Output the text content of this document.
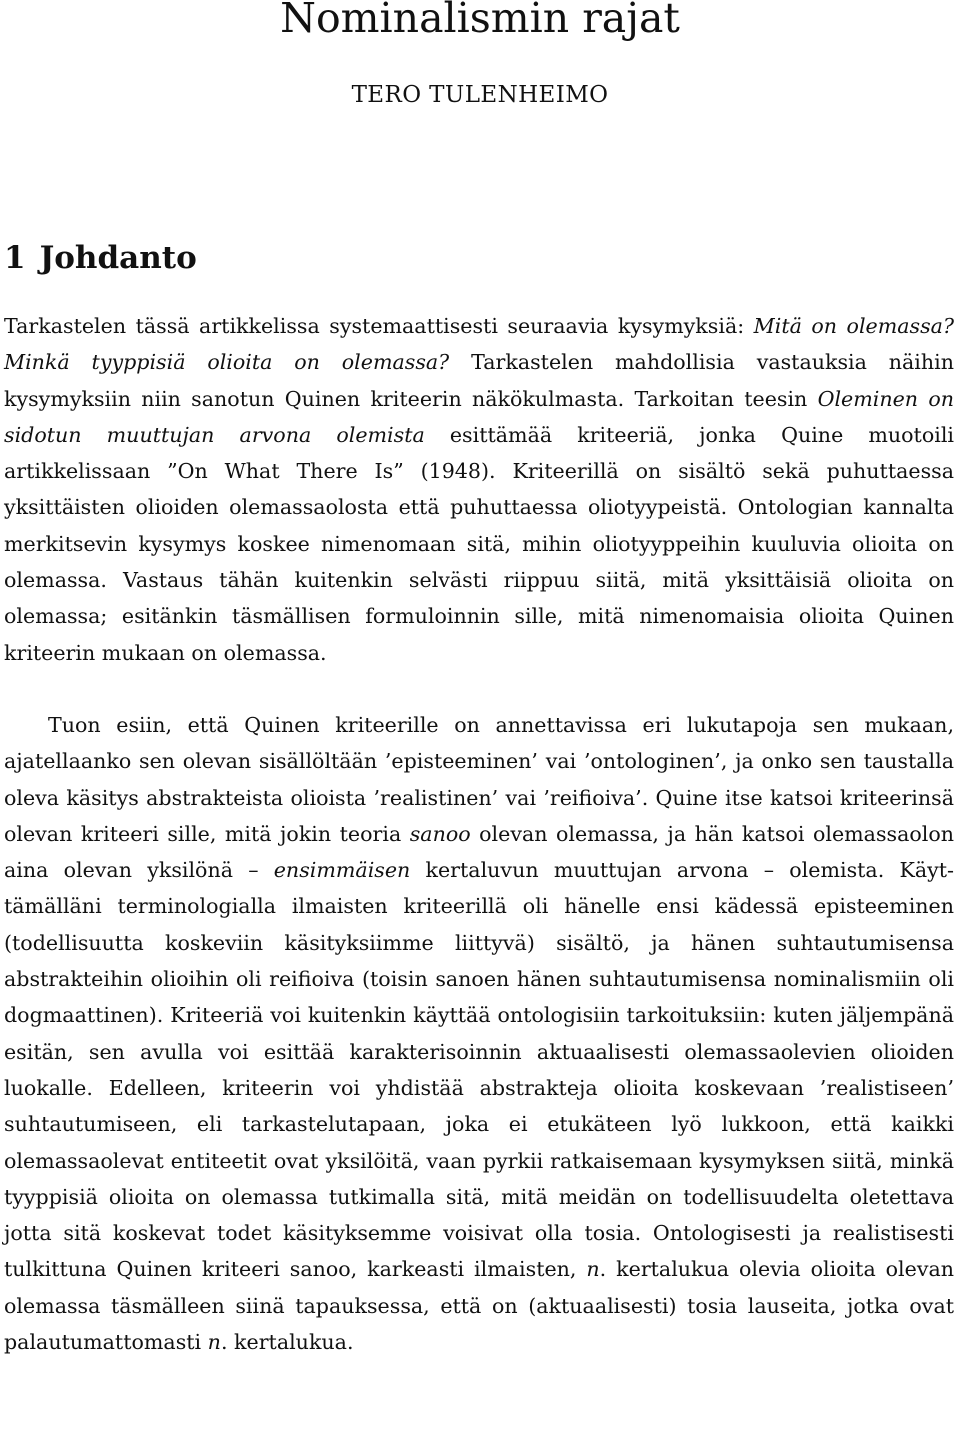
Nominalismin rajat
TERO TULENHEIMO
1 Johdanto

Tarkastelen tässä artikkelissa systemaattisesti seuraavia kysymyksiä: Mitä on olemassa? Minkä tyyppisiä olioita on olemassa? Tarkastelen mahdollisia vastauksia näihin kysymyksiin niin sanotun Quinen kriteerin näkökulmasta. Tarkoitan teesin Oleminen on sidotun muuttujan arvona olemista esittämää kriteeriä, jonka Quine muotoili artikkelissaan ”On What There Is” (1948). Kriteerillä on sisältö sekä puhuttaessa yksittäisten olioiden olemassaolosta että puhuttaessa oliotyypeistä. Ontologian kannalta merkitsevin kysymys koskee nimenomaan sitä, mihin oliotyyppeihin kuuluvia olioita on olemassa. Vastaus tähän kuitenkin selvästi riippuu siitä, mitä yksittäisiä olioita on olemassa; esitänkin täsmällisen formuloinnin sille, mitä nimenomaisia olioita Quinen kriteerin mukaan on olemassa.

Tuon esiin, että Quinen kriteerille on annettavissa eri lukutapoja sen mukaan, ajatellaanko sen olevan sisällöltään ’episteeminen’ vai ’ontologinen’, ja onko sen taustalla oleva käsitys abstrakteista olioista ’realistinen’ vai ’reifioiva’. Quine itse katsoi kriteerinsä olevan kriteeri sille, mitä jokin teoria sanoo olevan olemassa, ja hän katsoi olemassaolon aina olevan yksilönä – ensimmäisen kertaluvun muuttujan arvona – olemista. Käyttämälläni terminologialla ilmaisten kriteerillä oli hänelle ensi kädessä episteeminen (todellisuutta koskeviin käsityksiimme liittyvä) sisältö, ja hänen suhtautumisensa abstrakteihin olioihin oli reifioiva (toisin sanoen hänen suhtautumisensa nominalismiin oli dogmaattinen). Kriteeriä voi kuitenkin käyttää ontologisiin tarkoituksiin: kuten jäljempänä esitän, sen avulla voi esittää karakterisoinnin aktuaalisesti olemassaolevien olioiden luokalle. Edelleen, kriteerin voi yhdistää abstrakteja olioita koskevaan ’realistiseen’ suhtautumiseen, eli tarkastelutapaan, joka ei etukäteen lyö lukkoon, että kaikki olemassaolevat entiteetit ovat yksilöitä, vaan pyrkii ratkaisemaan kysymyksen siitä, minkä tyyppisiä olioita on olemassa tutkimalla sitä, mitä meidän on todellisuudelta oletettava jotta sitä koskevat todet käsityksemme voisivat olla tosia. Ontologisesti ja realistisesti tulkittuna Quinen kriteeri sanoo, karkeasti ilmaisten, n. kertalukua olevia olioita olevan olemassa täsmälleen siinä tapauksessa, että on (aktuaalisesti) tosia lauseita, jotka ovat palautumattomasti n. kertalukua.
